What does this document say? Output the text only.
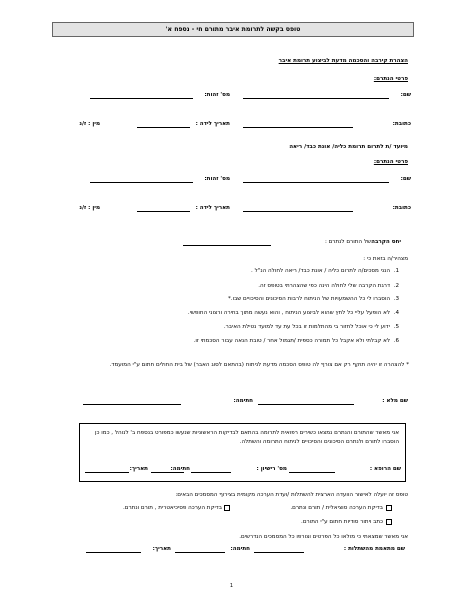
טופס בקשה לתרומת איבר מתורם חי - נספח א'
הצהרת קירבה והסכמה מדעת לביצוע תרומת איבר
פרטי הנתרם:
שם:
מס' זהות:
כתובת:
תאריך לידה :
מין : ז/נ
מיועד /ת לתרום תרומת כליה/ אונת כבד/ ריאה
פרטי הנתרם:
שם:
מס' זהות:
כתובת:
תאריך לידה :
מין : ז/נ
יחס הקרבה
של התורם לנתרם :
מצהיר/ה בזאת כי :
1.
הנני מסכים/ה לתרום כליה / אונת כבד/ ריאה לחולה הנ"ל .
2.
דרגת הקרבה שלי לחולה הינה כפי שהצהרתי בטופס זה.
3.
הוסברו לי כל ההשמעויות של הניתוח לרבות הסיכונים והסיכויים שבו.*
4.
לא הופעל עליי כל לחץ שהוא לביצוע הניתוח , והוא נעשה מתוך בחירה ורצוני החופשי.
5.
ידוע לי כי אוכל לחזור בי מהתלמות זו בכל עת עד למועד נטילת האיבר.
6.
לא קבלתי ולא אקבל כל תמורה כספית /תגמול אחר / טובת הנאה עבור הסכמתי זו.
* להצהרה זו יהיה תוקף רק אם צורף לה טופס הסכמה מדעת לניתוח (בהתאם לסוג האבר) של בית החולים חתום ע"י המועמד.
שם מלא :
חתימה:
אני מאשר שהתורם והנתרם נמצאו כשירים רפואית לתרומה בהתאם לבדיקות הראשוניות שנעשו כמפורט בנספח ב' לנוהל , כמו כן הוסברו לתורם ולנתרם הסיכונים והסיכויים לניתוח התרומה והשתלה.
שם הרופא :
מס' רישיון :
חתימה:
תאריך:
טופס זה יועלה לאישור הוועדה הארצית להשתלות /ועדת הערכה מקומית בצירוף המסמכים הבאים:
בדיקת הערכה סוציאלית / תורם ונתרם.
בדיקת הערכה פסיכיאטרית , תורם ונתרם.
כתב ויתור סודיות חתום ע"י התורם.
אני מאשר שמצאתי כי מולאו כל הפרטים וצורפו כל המסמכים הנדרשים.
שם מתאמת מהשתלות :
חתימה:
תאריך:
1
